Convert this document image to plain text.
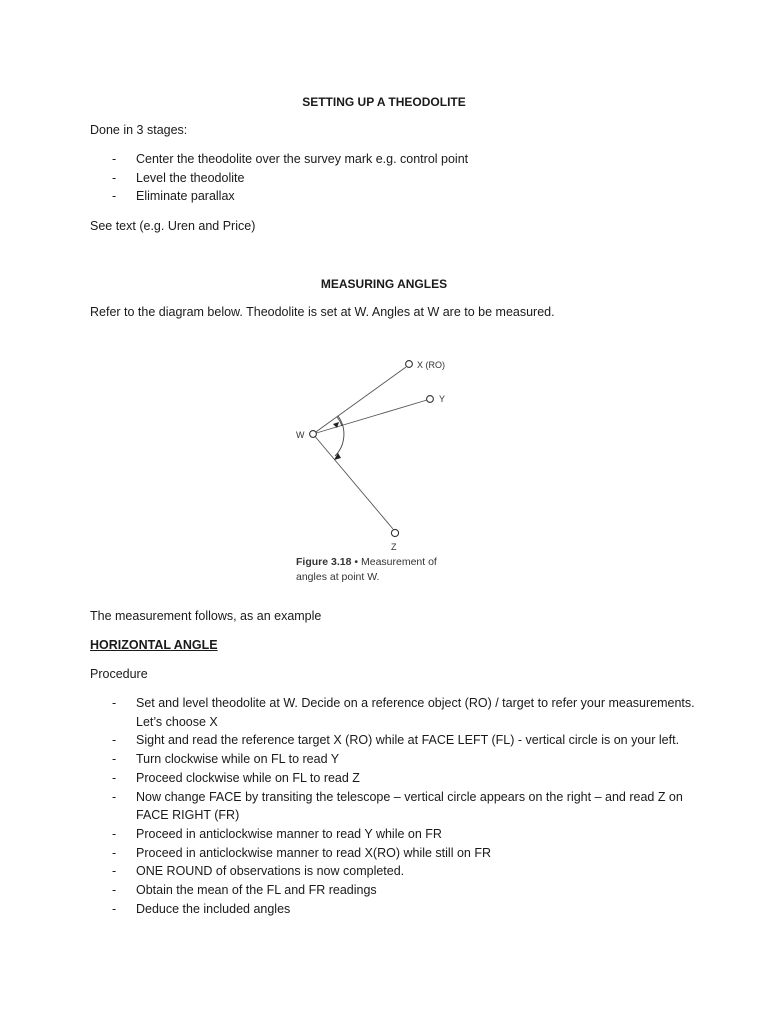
SETTING UP A THEODOLITE

Done in 3 stages:

- Center the theodolite over the survey mark e.g. control point
- Level the theodolite
- Eliminate parallax

See text (e.g. Uren and Price)

MEASURING ANGLES

Refer to the diagram below. Theodolite is set at W. Angles at W are to be measured.

X (RO)
Y
W
Z
Figure 3.18 • Measurement of
angles at point W.

The measurement follows, as an example

HORIZONTAL ANGLE

Procedure

- Set and level theodolite at W. Decide on a reference object (RO) / target to refer your measurements. Let’s choose X
- Sight and read the reference target X (RO) while at FACE LEFT (FL) - vertical circle is on your left.
- Turn clockwise while on FL to read Y
- Proceed clockwise while on FL to read Z
- Now change FACE by transiting the telescope – vertical circle appears on the right – and read Z on FACE RIGHT (FR)
- Proceed in anticlockwise manner to read Y while on FR
- Proceed in anticlockwise manner to read X(RO) while still on FR
- ONE ROUND of observations is now completed.
- Obtain the mean of the FL and FR readings
- Deduce the included angles
